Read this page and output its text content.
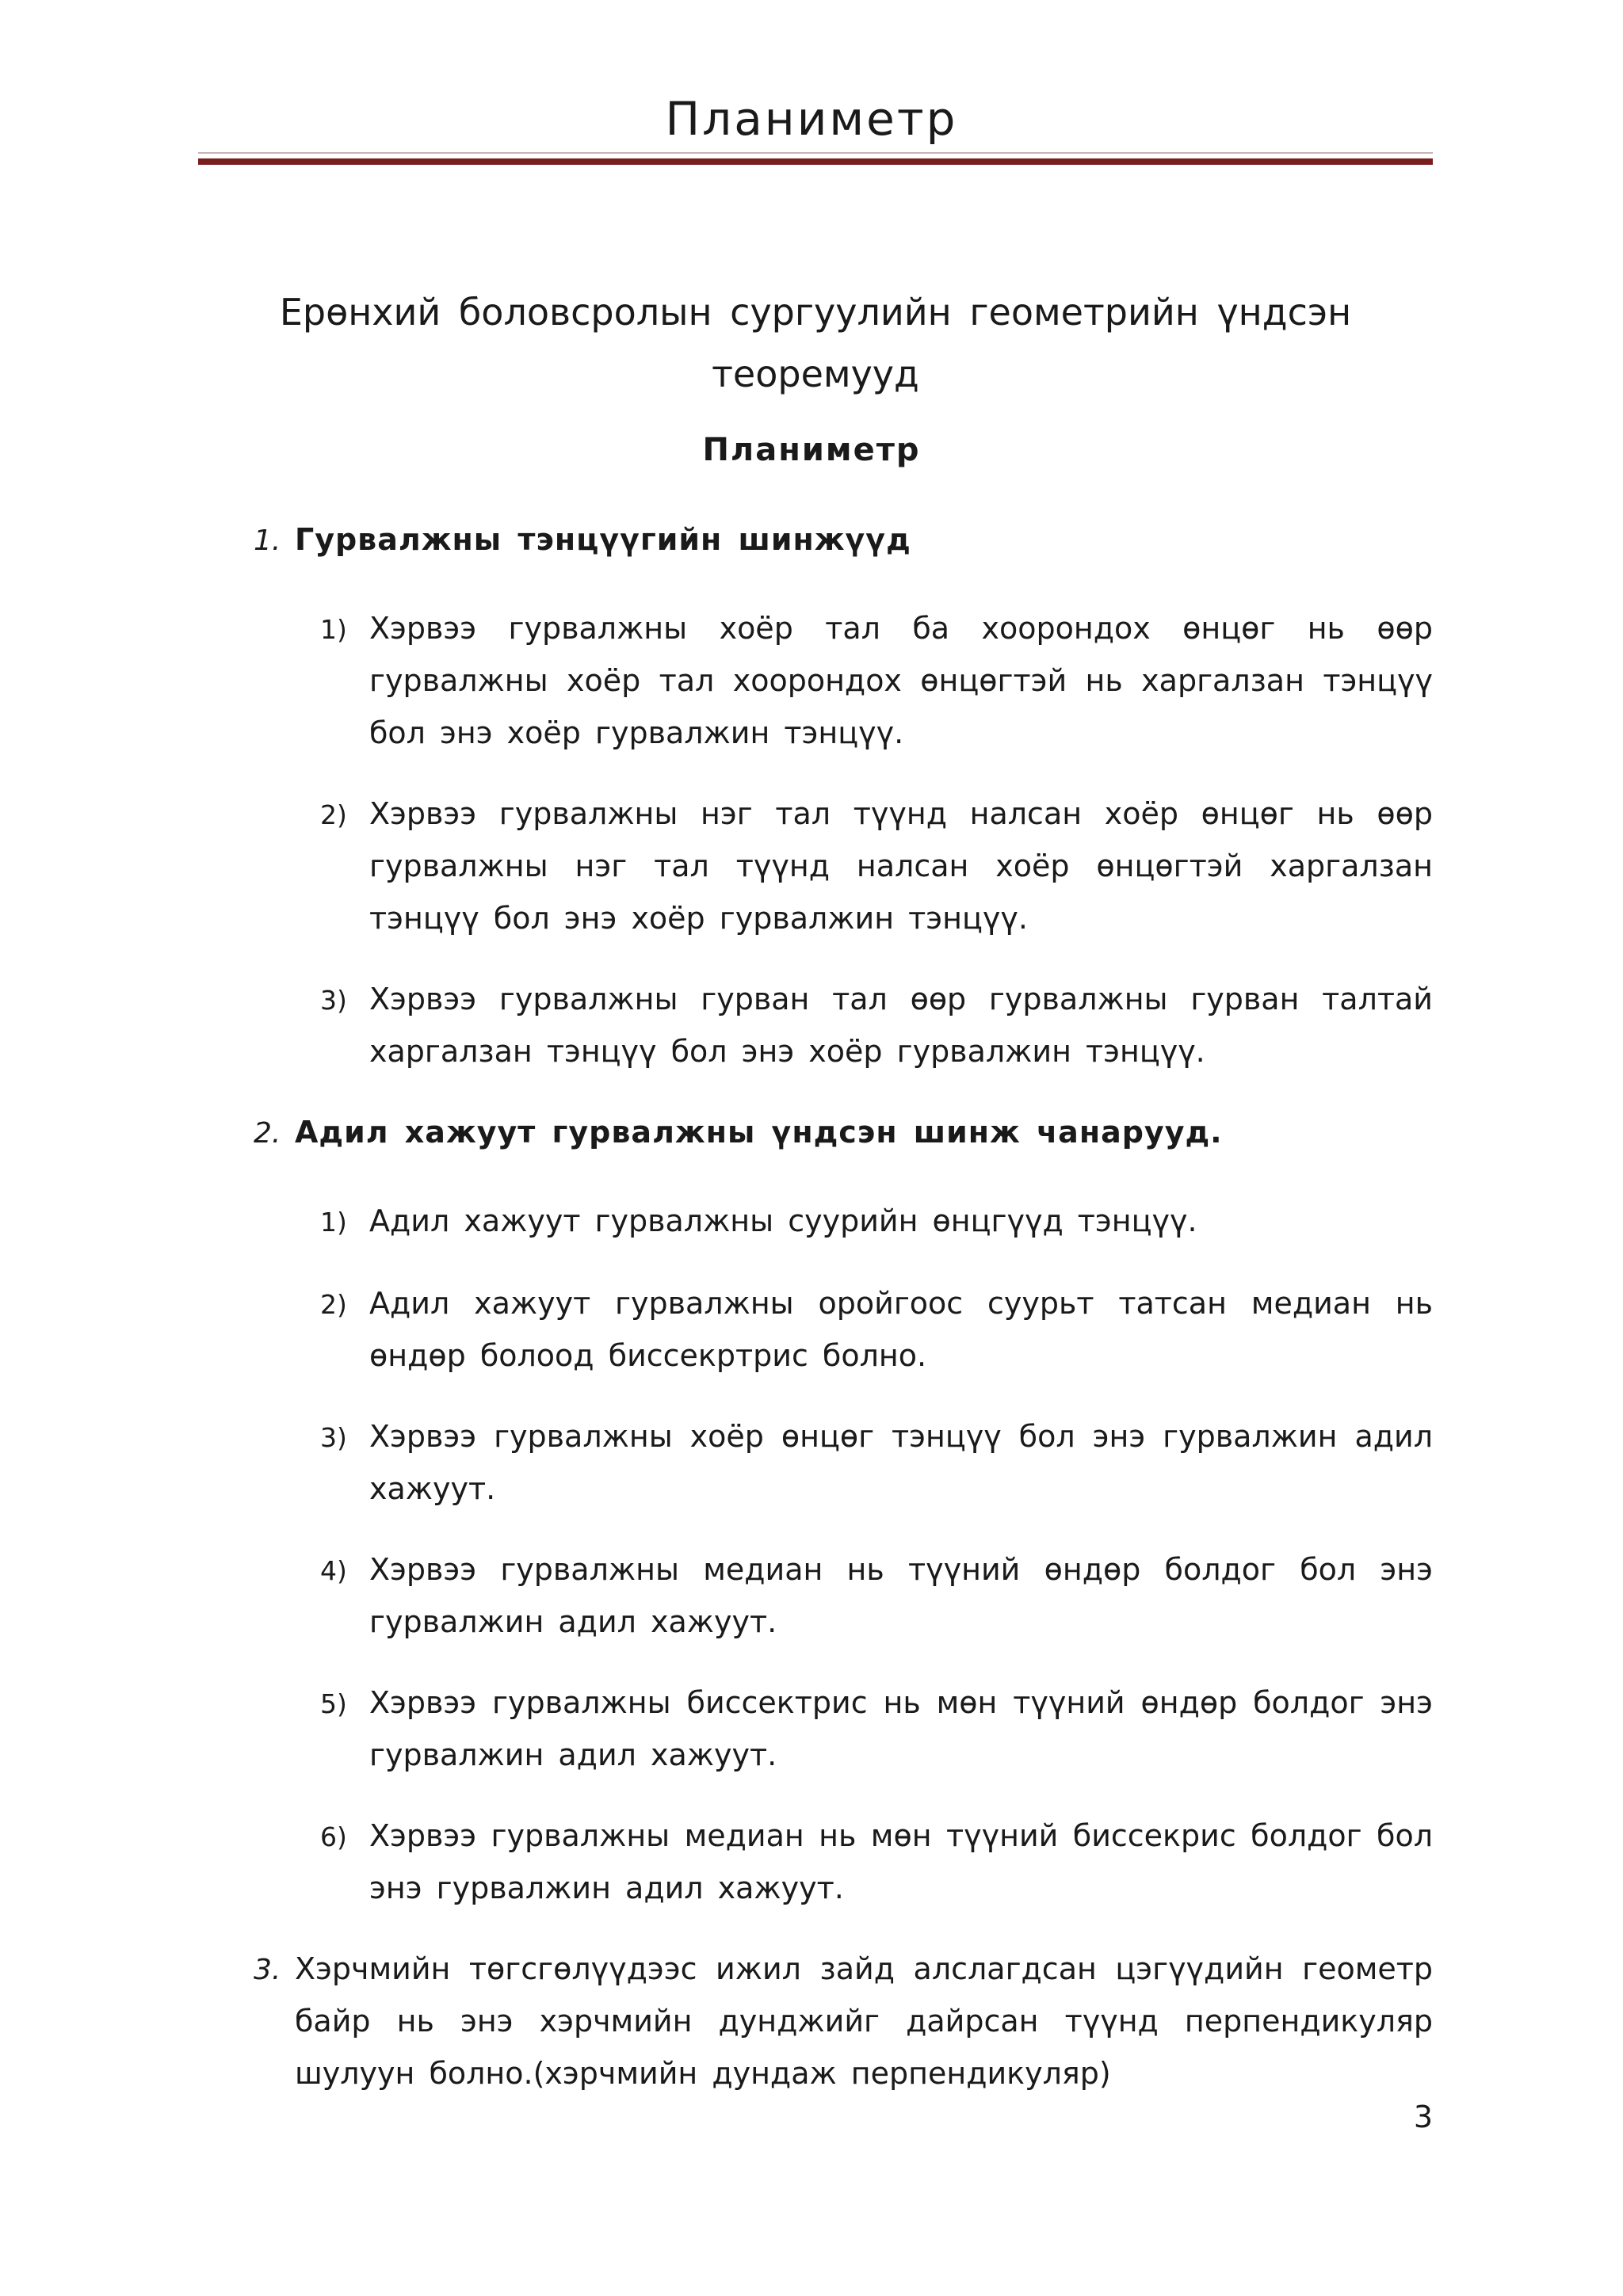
Планиметр
Ерөнхий боловсролын сургуулийн геометрийн үндсэн теоремууд
Планиметр
1. Гурвалжны тэнцүүгийн шинжүүд
1) Хэрвээ гурвалжны хоёр тал ба хоорондох өнцөг нь өөр гурвалжны хоёр тал хоорондох өнцөгтэй нь харгалзан тэнцүү бол энэ хоёр гурвалжин тэнцүү.
2) Хэрвээ гурвалжны нэг тал түүнд налсан хоёр өнцөг нь өөр гурвалжны нэг тал түүнд налсан хоёр өнцөгтэй харгалзан тэнцүү бол энэ хоёр гурвалжин тэнцүү.
3) Хэрвээ гурвалжны гурван тал өөр гурвалжны гурван талтай харгалзан тэнцүү бол энэ хоёр гурвалжин тэнцүү.
2. Адил хажуут гурвалжны үндсэн шинж чанарууд.
1) Адил хажуут гурвалжны суурийн өнцгүүд тэнцүү.
2) Адил хажуут гурвалжны оройгоос суурьт татсан медиан нь өндөр болоод биссекртрис болно.
3) Хэрвээ гурвалжны хоёр өнцөг тэнцүү бол энэ гурвалжин адил хажуут.
4) Хэрвээ гурвалжны медиан нь түүний өндөр болдог бол энэ гурвалжин адил хажуут.
5) Хэрвээ гурвалжны биссектрис нь мөн түүний өндөр болдог энэ гурвалжин адил хажуут.
6) Хэрвээ гурвалжны медиан нь мөн түүний биссекрис болдог бол энэ гурвалжин адил хажуут.
3. Хэрчмийн төгсгөлүүдээс ижил зайд алслагдсан цэгүүдийн геометр байр нь энэ хэрчмийн дунджийг дайрсан түүнд перпендикуляр шулуун болно.(хэрчмийн дундаж перпендикуляр)
3
